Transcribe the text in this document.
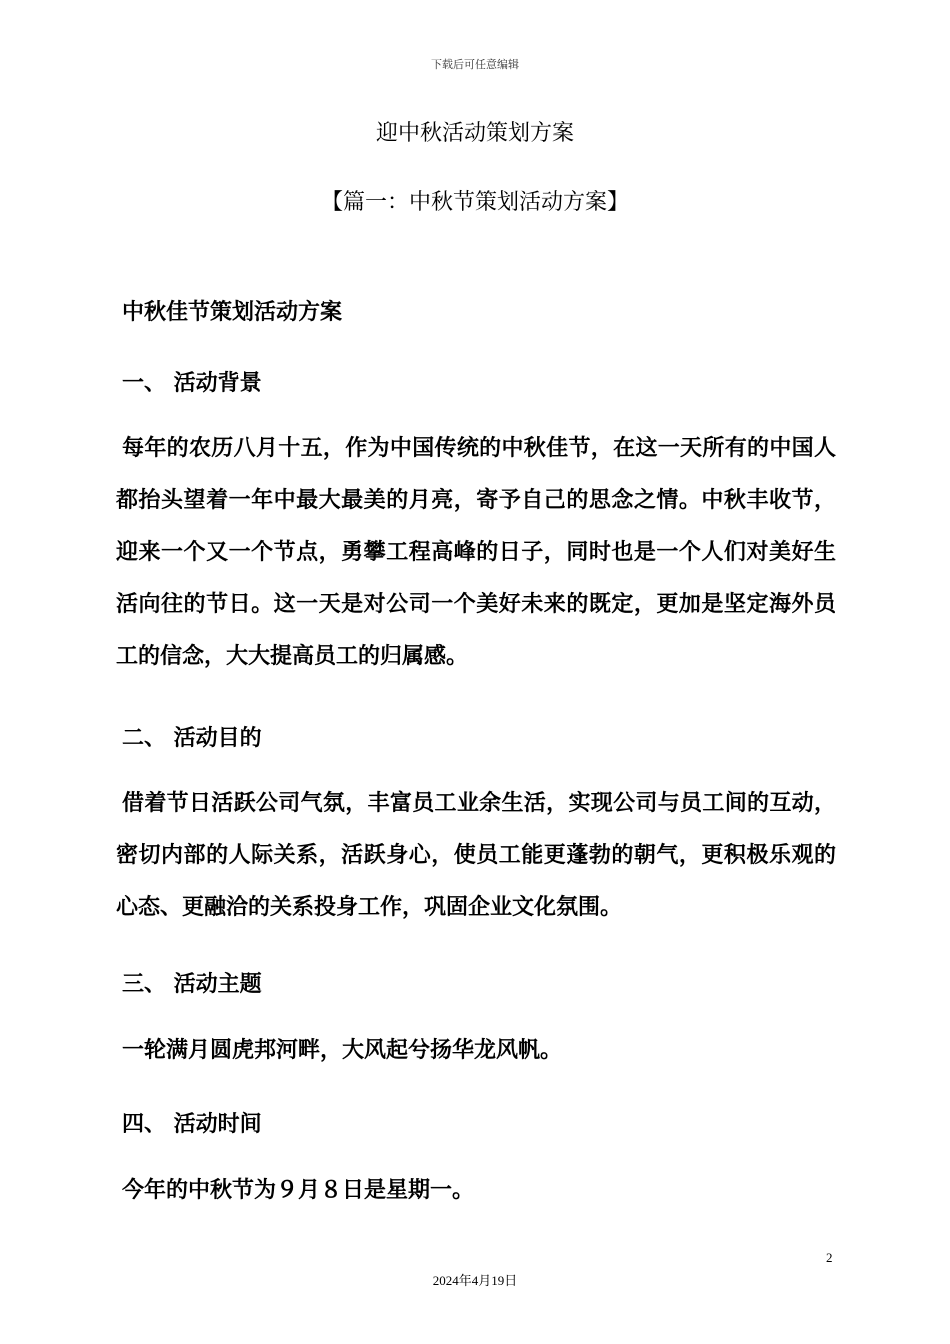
下载后可任意编辑
迎中秋活动策划方案
【篇一：中秋节策划活动方案】
中秋佳节策划活动方案
一、 活动背景

每年的农历八月十五，作为中国传统的中秋佳节，在这一天所有的中国人都抬头望着一年中最大最美的月亮，寄予自己的思念之情。中秋丰收节，迎来一个又一个节点，勇攀工程高峰的日子，同时也是一个人们对美好生活向往的节日。这一天是对公司一个美好未来的既定，更加是坚定海外员工的信念，大大提高员工的归属感。

二、 活动目的

借着节日活跃公司气氛，丰富员工业余生活，实现公司与员工间的互动，密切内部的人际关系，活跃身心，使员工能更蓬勃的朝气，更积极乐观的心态、更融洽的关系投身工作，巩固企业文化氛围。

三、 活动主题

一轮满月圆虎邦河畔，大风起兮扬华龙风帆。

四、 活动时间

今年的中秋节为９月８日是星期一。

2
2024年4月19日
